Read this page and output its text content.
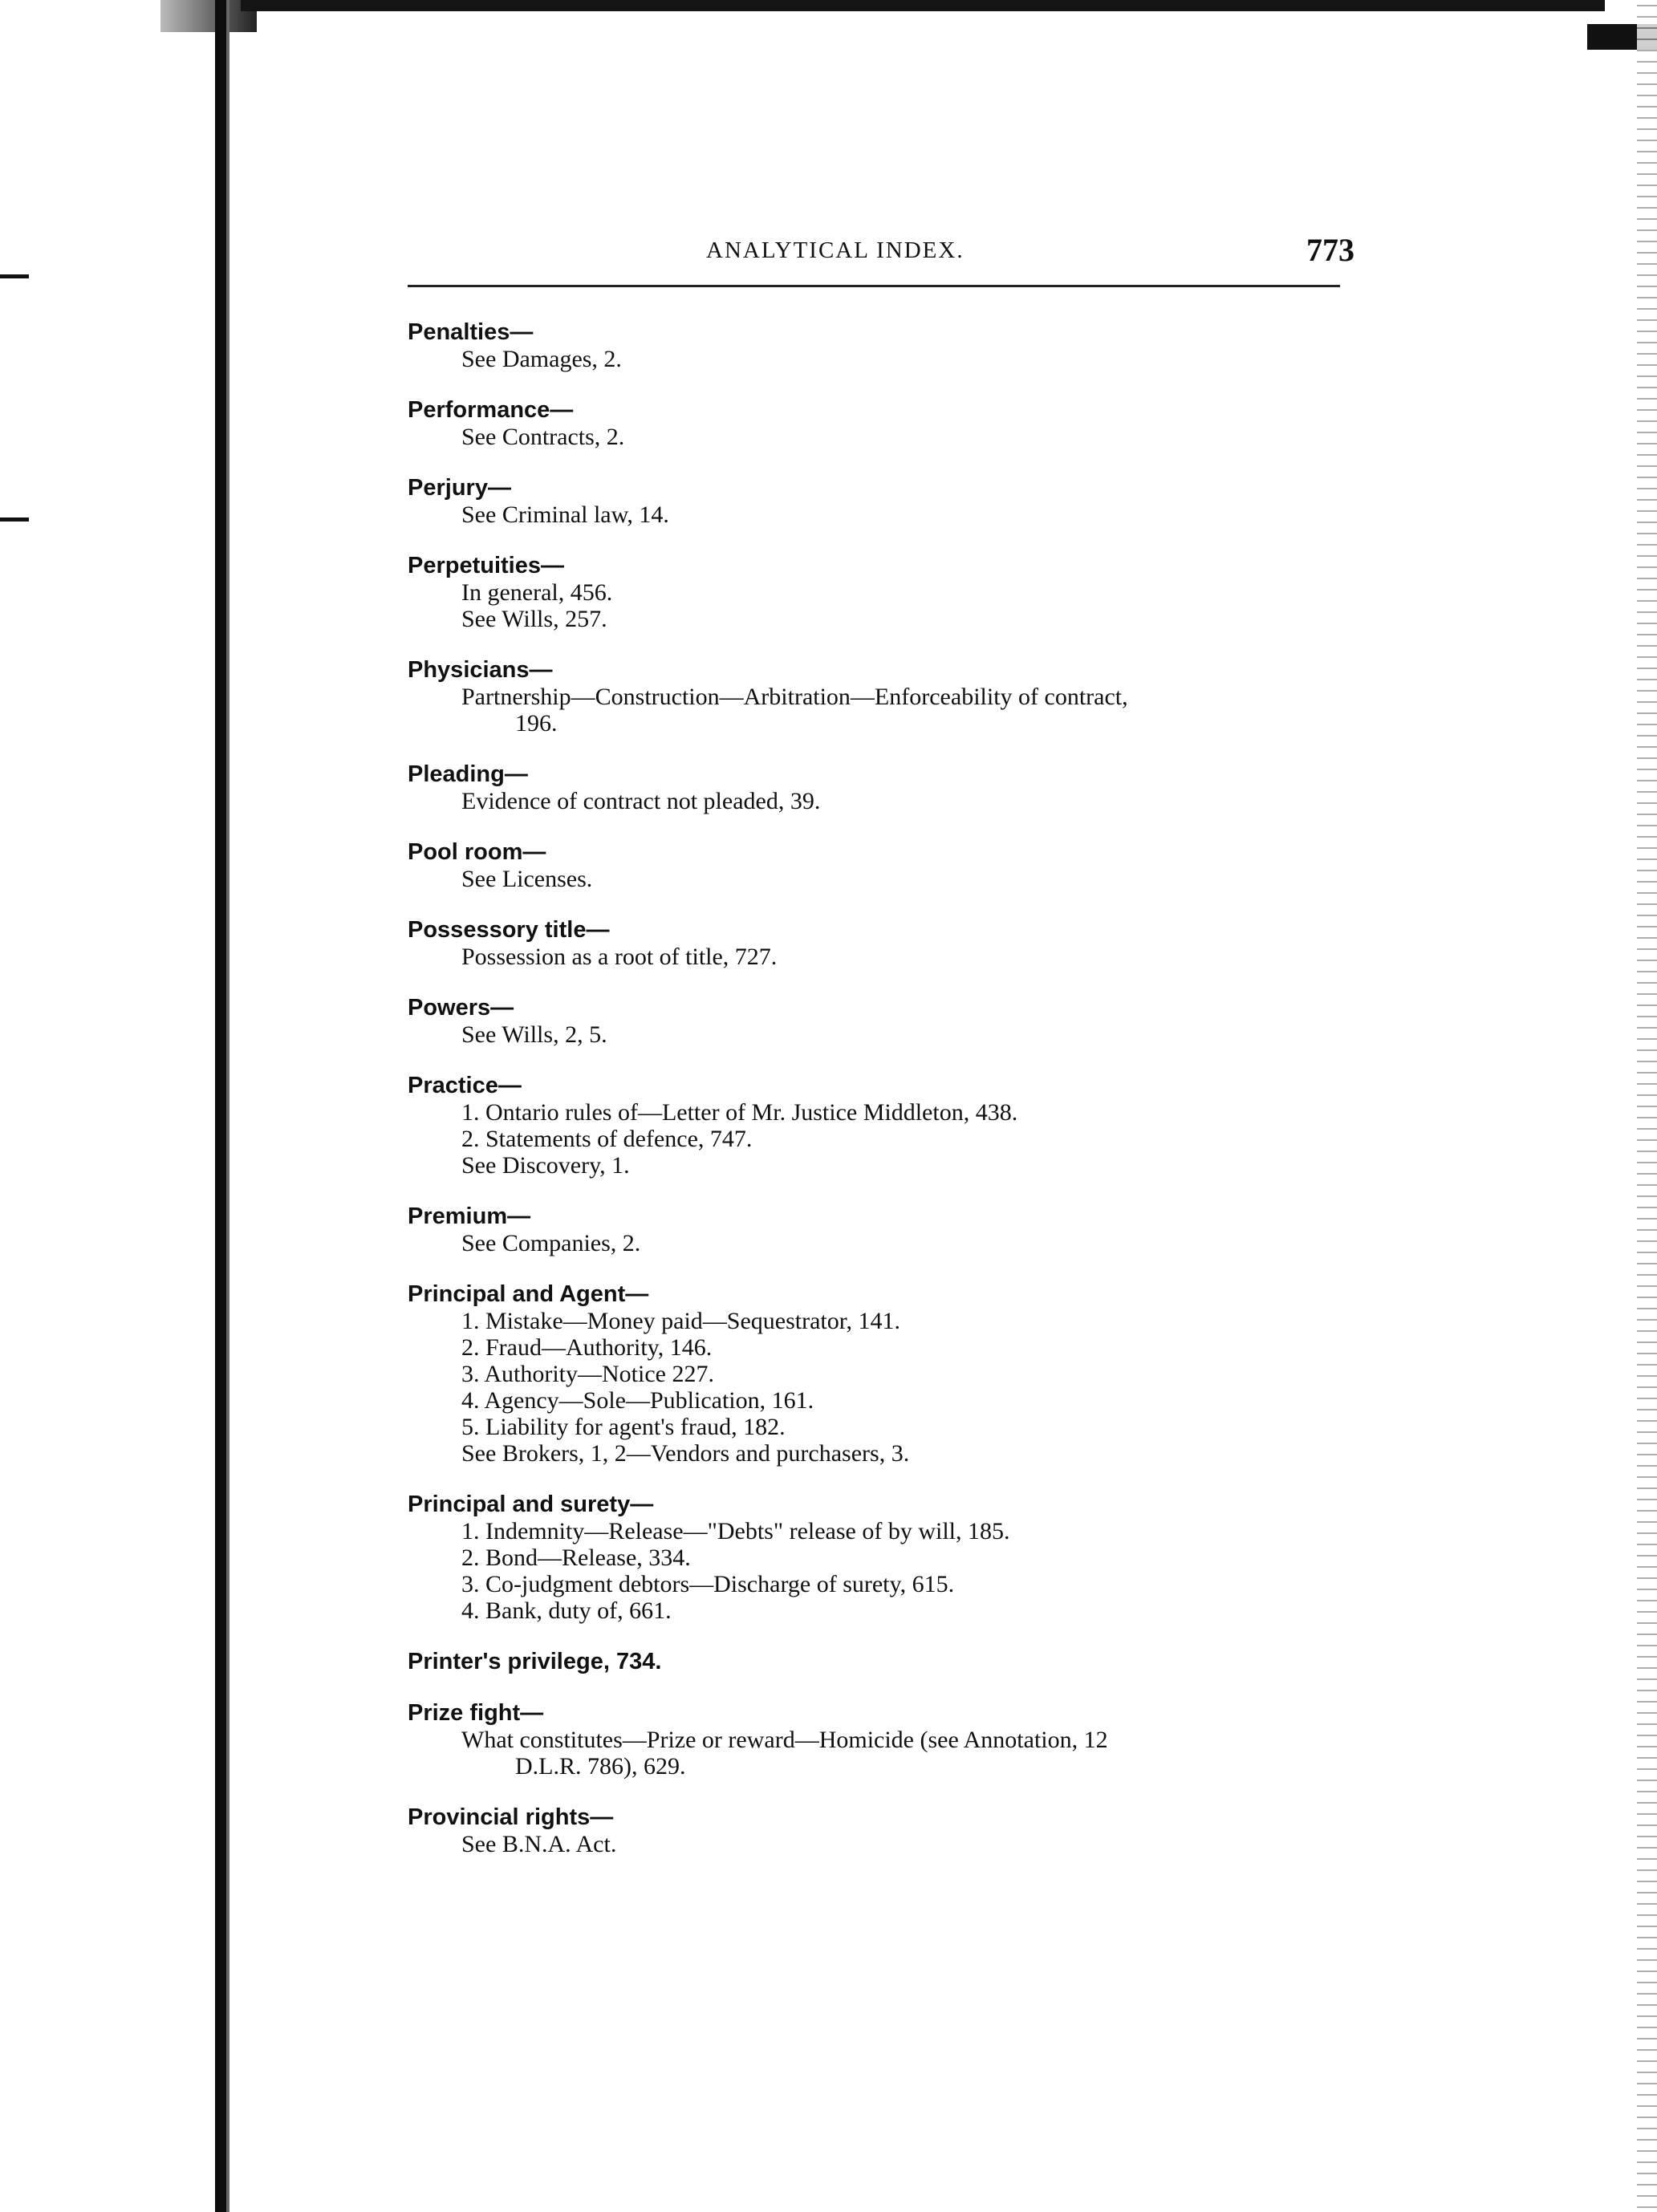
ANALYTICAL INDEX.	773
Penalties—
See Damages, 2.
Performance—
See Contracts, 2.
Perjury—
See Criminal law, 14.
Perpetuities—
In general, 456.
See Wills, 257.
Physicians—
Partnership—Construction—Arbitration—Enforceability of contract,
196.
Pleading—
Evidence of contract not pleaded, 39.
Pool room—
See Licenses.
Possessory title—
Possession as a root of title, 727.
Powers—
See Wills, 2, 5.
Practice—
1. Ontario rules of—Letter of Mr. Justice Middleton, 438.
2. Statements of defence, 747.
See Discovery, 1.
Premium—
See Companies, 2.
Principal and Agent—
1. Mistake—Money paid—Sequestrator, 141.
2. Fraud—Authority, 146.
3. Authority—Notice 227.
4. Agency—Sole—Publication, 161.
5. Liability for agent's fraud, 182.
See Brokers, 1, 2—Vendors and purchasers, 3.
Principal and surety—
1. Indemnity—Release—"Debts" release of by will, 185.
2. Bond—Release, 334.
3. Co-judgment debtors—Discharge of surety, 615.
4. Bank, duty of, 661.
Printer's privilege, 734.
Prize fight—
What constitutes—Prize or reward—Homicide (see Annotation, 12
D.L.R. 786), 629.
Provincial rights—
See B.N.A. Act.
